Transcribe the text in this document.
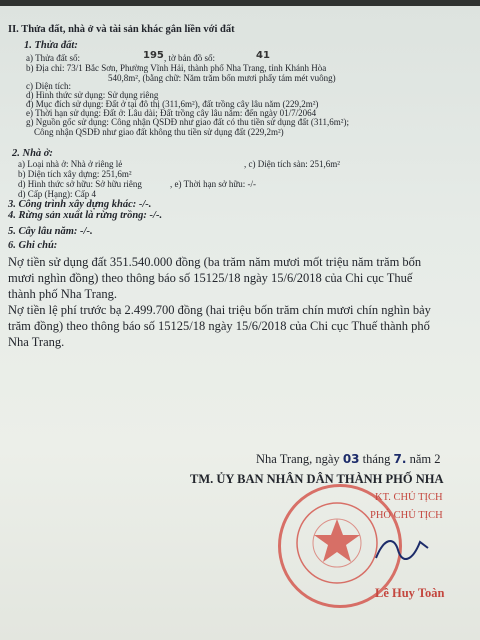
II. Thửa đất, nhà ở và tài sản khác gắn liền với đất
1. Thửa đất:
a) Thửa đất số:	195 , tờ bản đồ số:	41
b) Địa chỉ: 73/1 Bắc Sơn, Phường Vĩnh Hải, thành phố Nha Trang, tỉnh Khánh Hòa
540,8m², (bằng chữ: Năm trăm bốn mươi phẩy tám mét vuông)
c) Diện tích:
d) Hình thức sử dụng: Sử dụng riêng
đ) Mục đích sử dụng: Đất ở tại đô thị (311,6m²), đất trồng cây lâu năm (229,2m²)
e) Thời hạn sử dụng: Đất ở: Lâu dài; Đất trồng cây lâu năm: đến ngày 01/7/2064
g) Nguồn gốc sử dụng: Công nhận QSDĐ như giao đất có thu tiền sử dụng đất (311,6m²);
Công nhận QSDĐ như giao đất không thu tiền sử dụng đất (229,2m²)
2. Nhà ở:
a) Loại nhà ở: Nhà ở riêng lẻ
b) Diện tích xây dựng: 251,6m²
, c) Diện tích sàn: 251,6m²
d) Hình thức sở hữu: Sở hữu riêng
d) Cấp (Hạng): Cấp 4
, e) Thời hạn sở hữu: -/-
3. Công trình xây dựng khác: -/-.
4. Rừng sản xuất là rừng trồng: -/-.
5. Cây lâu năm: -/-.
6. Ghi chú:
Nợ tiền sử dụng đất 351.540.000 đồng (ba trăm năm mươi mốt triệu năm trăm bốn
mươi nghìn đồng) theo thông báo số 15125/18 ngày 15/6/2018 của Chi cục Thuế
thành phố Nha Trang.
Nợ tiền lệ phí trước bạ 2.499.700 đồng (hai triệu bốn trăm chín mươi chín nghìn bảy
trăm đồng) theo thông báo số 15125/18 ngày 15/6/2018 của Chi cục Thuế thành phố
Nha Trang.
Nha Trang, ngày 03 tháng 7. năm 2
TM. ỦY BAN NHÂN DÂN THÀNH PHỐ NHA
KT. CHỦ TỊCH
PHÓ CHỦ TỊCH
Lê Huy Toàn
